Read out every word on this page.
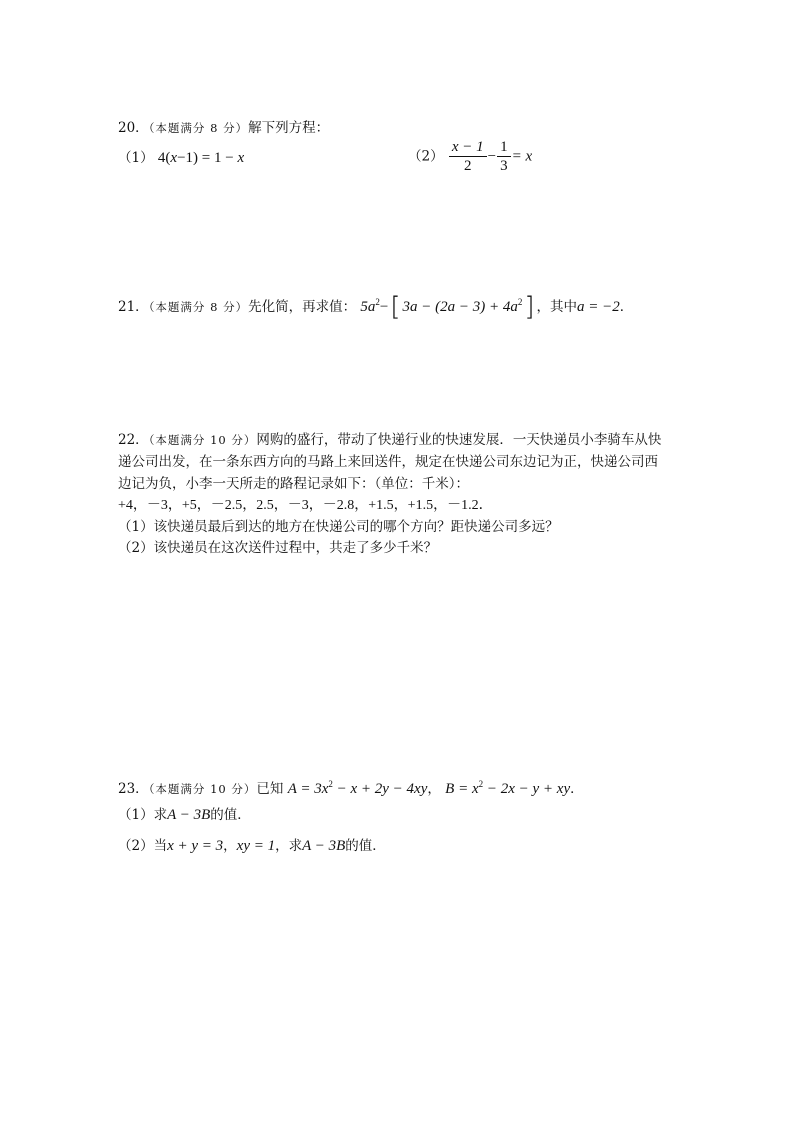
20．（本题满分 8 分）解下列方程：
（1） 4(x−1) = 1 − x	$(2) \frac{x - 1}{2} - \frac{1}{3} = x$
21．（本题满分 8 分）先化简，再求值： $5a^2-$[ $3a - (2a - 3) + 4a^2$] ，其中a = −2．
22．（本题满分 10 分）网购的盛行，带动了快递行业的快速发展．一天快递员小李骑车从快
递公司出发，在一条东西方向的马路上来回送件，规定在快递公司东边记为正，快递公司西
边记为负，小李一天所走的路程记录如下：（单位：千米）：
+4，－3，+5，－2.5，2.5，－3，－2.8，+1.5，+1.5，－1.2．
（1）该快递员最后到达的地方在快递公司的哪个方向？距快递公司多远？
（2）该快递员在这次送件过程中，共走了多少千米？
23．（本题满分 10 分）已知 $A = 3x^2 - x + 2y - 4xy$， $B = x^2 - 2x - y$ + xy．
（1）求A − 3B的值．
（2）当x + y = 3，xy = 1，求A − 3B的值．
